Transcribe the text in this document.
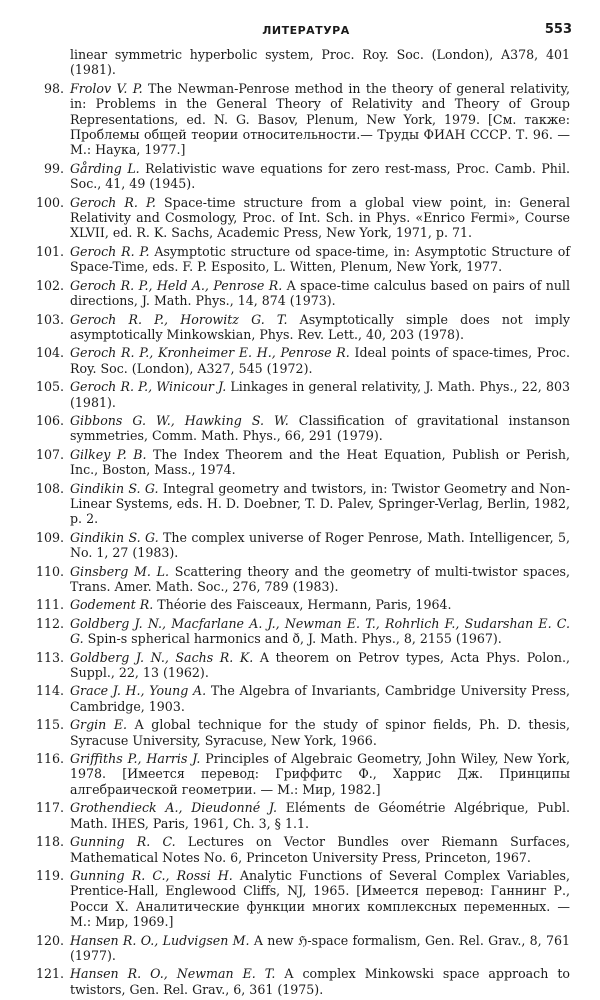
ЛИТЕРАТУРА	553
linear symmetric hyperbolic system, Proc. Roy. Soc. (London), A378, 401 (1981).
98. Frolov V. P. The Newman-Penrose method in the theory of general relativity, in: Problems in the General Theory of Relativity and Theory of Group Representations, ed. N. G. Basov, Plenum, New York, 1979. [См. также: Проблемы общей теории относительности.— Труды ФИАН СССР. Т. 96. — М.: Наука, 1977.]
99. Gårding L. Relativistic wave equations for zero rest-mass, Proc. Camb. Phil. Soc., 41, 49 (1945).
100. Geroch R. P. Space-time structure from a global view point, in: General Relativity and Cosmology, Proc. of Int. Sch. in Phys. «Enrico Fermi», Course XLVII, ed. R. K. Sachs, Academic Press, New York, 1971, p. 71.
101. Geroch R. P. Asymptotic structure od space-time, in: Asymptotic Structure of Space-Time, eds. F. P. Esposito, L. Witten, Plenum, New York, 1977.
102. Geroch R. P., Held A., Penrose R. A space-time calculus based on pairs of null directions, J. Math. Phys., 14, 874 (1973).
103. Geroch R. P., Horowitz G. T. Asymptotically simple does not imply asymptotically Minkowskian, Phys. Rev. Lett., 40, 203 (1978).
104. Geroch R. P., Kronheimer E. H., Penrose R. Ideal points of space-times, Proc. Roy. Soc. (London), A327, 545 (1972).
105. Geroch R. P., Winicour J. Linkages in general relativity, J. Math. Phys., 22, 803 (1981).
106. Gibbons G. W., Hawking S. W. Classification of gravitational instanson symmetries, Comm. Math. Phys., 66, 291 (1979).
107. Gilkey P. B. The Index Theorem and the Heat Equation, Publish or Perish, Inc., Boston, Mass., 1974.
108. Gindikin S. G. Integral geometry and twistors, in: Twistor Geometry and Non-Linear Systems, eds. H. D. Doebner, T. D. Palev, Springer-Verlag, Berlin, 1982, p. 2.
109. Gindikin S. G. The complex universe of Roger Penrose, Math. Intelligencer, 5, No. 1, 27 (1983).
110. Ginsberg M. L. Scattering theory and the geometry of multi-twistor spaces, Trans. Amer. Math. Soc., 276, 789 (1983).
111. Godement R. Théorie des Faisceaux, Hermann, Paris, 1964.
112. Goldberg J. N., Macfarlane A. J., Newman E. T., Rohrlich F., Sudarshan E. C. G. Spin-s spherical harmonics and ð, J. Math. Phys., 8, 2155 (1967).
113. Goldberg J. N., Sachs R. K. A theorem on Petrov types, Acta Phys. Polon., Suppl., 22, 13 (1962).
114. Grace J. H., Young A. The Algebra of Invariants, Cambridge University Press, Cambridge, 1903.
115. Grgin E. A global technique for the study of spinor fields, Ph. D. thesis, Syracuse University, Syracuse, New York, 1966.
116. Griffiths P., Harris J. Principles of Algebraic Geometry, John Wiley, New York, 1978. [Имеется перевод: Гриффитс Ф., Харрис Дж. Принципы алгебраической геометрии. — М.: Мир, 1982.]
117. Grothendieck A., Dieudonné J. Eléments de Géométrie Algébrique, Publ. Math. IHES, Paris, 1961, Ch. 3, § 1.1.
118. Gunning R. C. Lectures on Vector Bundles over Riemann Surfaces, Mathematical Notes No. 6, Princeton University Press, Princeton, 1967.
119. Gunning R. C., Rossi H. Analytic Functions of Several Complex Variables, Prentice-Hall, Englewood Cliffs, NJ, 1965. [Имеется перевод: Ганнинг Р., Росси Х. Аналитические функции многих комплексных переменных. — М.: Мир, 1969.]
120. Hansen R. O., Ludvigsen M. A new ℌ-space formalism, Gen. Rel. Grav., 8, 761 (1977).
121. Hansen R. O., Newman E. T. A complex Minkowski space approach to twistors, Gen. Rel. Grav., 6, 361 (1975).
